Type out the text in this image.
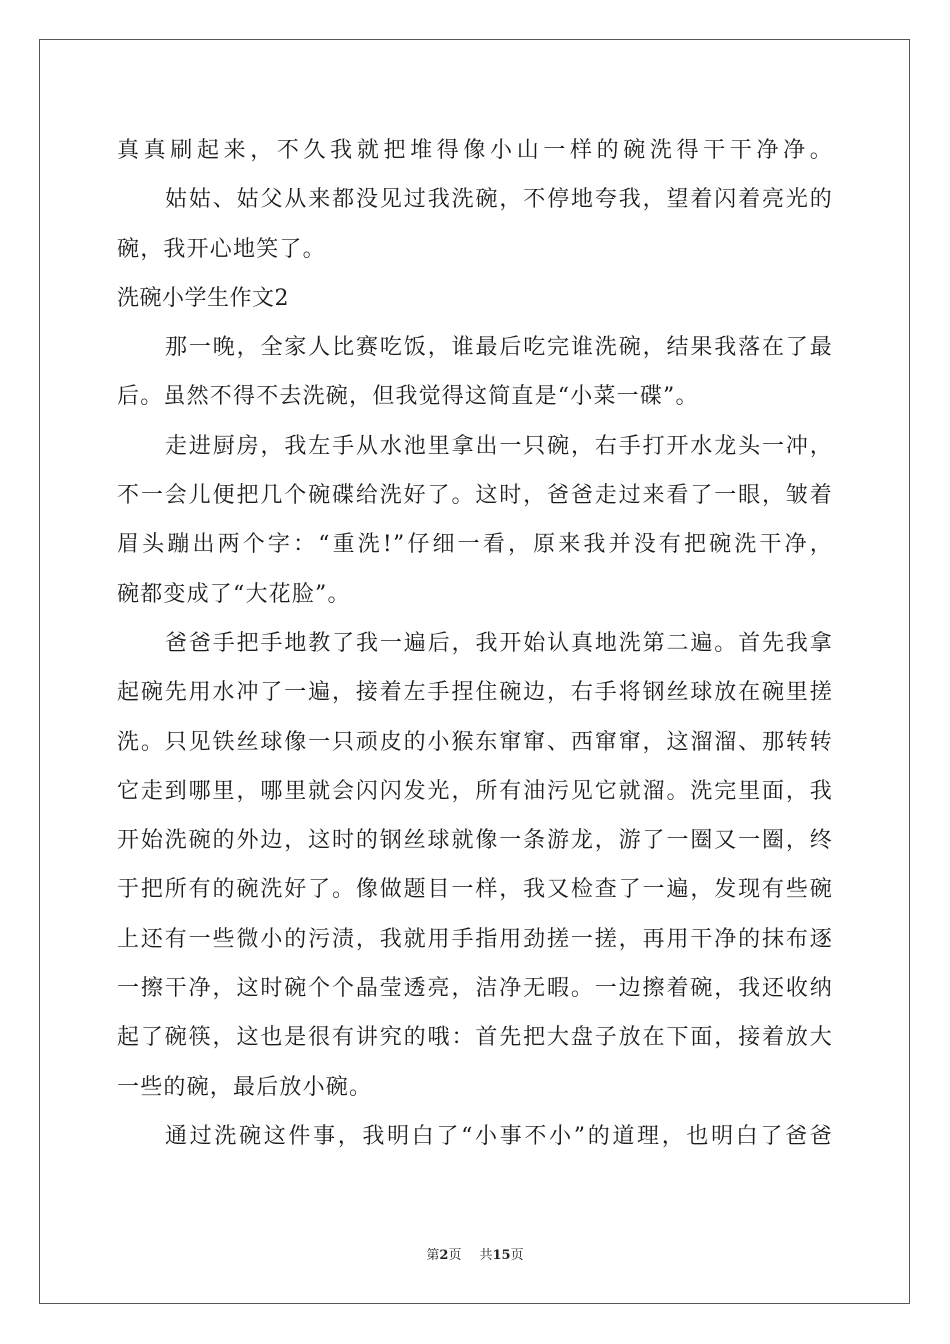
真真刷起来，不久我就把堆得像小山一样的碗洗得干干净净。
姑姑、姑父从来都没见过我洗碗，不停地夸我，望着闪着亮光的
碗，我开心地笑了。
洗碗小学生作文2
那一晚，全家人比赛吃饭，谁最后吃完谁洗碗，结果我落在了最
后。虽然不得不去洗碗，但我觉得这简直是“小菜一碟”。
走进厨房，我左手从水池里拿出一只碗，右手打开水龙头一冲，
不一会儿便把几个碗碟给洗好了。这时，爸爸走过来看了一眼，皱着
眉头蹦出两个字：“重洗!”仔细一看，原来我并没有把碗洗干净，
碗都变成了“大花脸”。
爸爸手把手地教了我一遍后，我开始认真地洗第二遍。首先我拿
起碗先用水冲了一遍，接着左手捏住碗边，右手将钢丝球放在碗里搓
洗。只见铁丝球像一只顽皮的小猴东窜窜、西窜窜，这溜溜、那转转
它走到哪里，哪里就会闪闪发光，所有油污见它就溜。洗完里面，我
开始洗碗的外边，这时的钢丝球就像一条游龙，游了一圈又一圈，终
于把所有的碗洗好了。像做题目一样，我又检查了一遍，发现有些碗
上还有一些微小的污渍，我就用手指用劲搓一搓，再用干净的抹布逐
一擦干净，这时碗个个晶莹透亮，洁净无暇。一边擦着碗，我还收纳
起了碗筷，这也是很有讲究的哦：首先把大盘子放在下面，接着放大
一些的碗，最后放小碗。
通过洗碗这件事，我明白了“小事不小”的道理，也明白了爸爸
第2页 共15页
